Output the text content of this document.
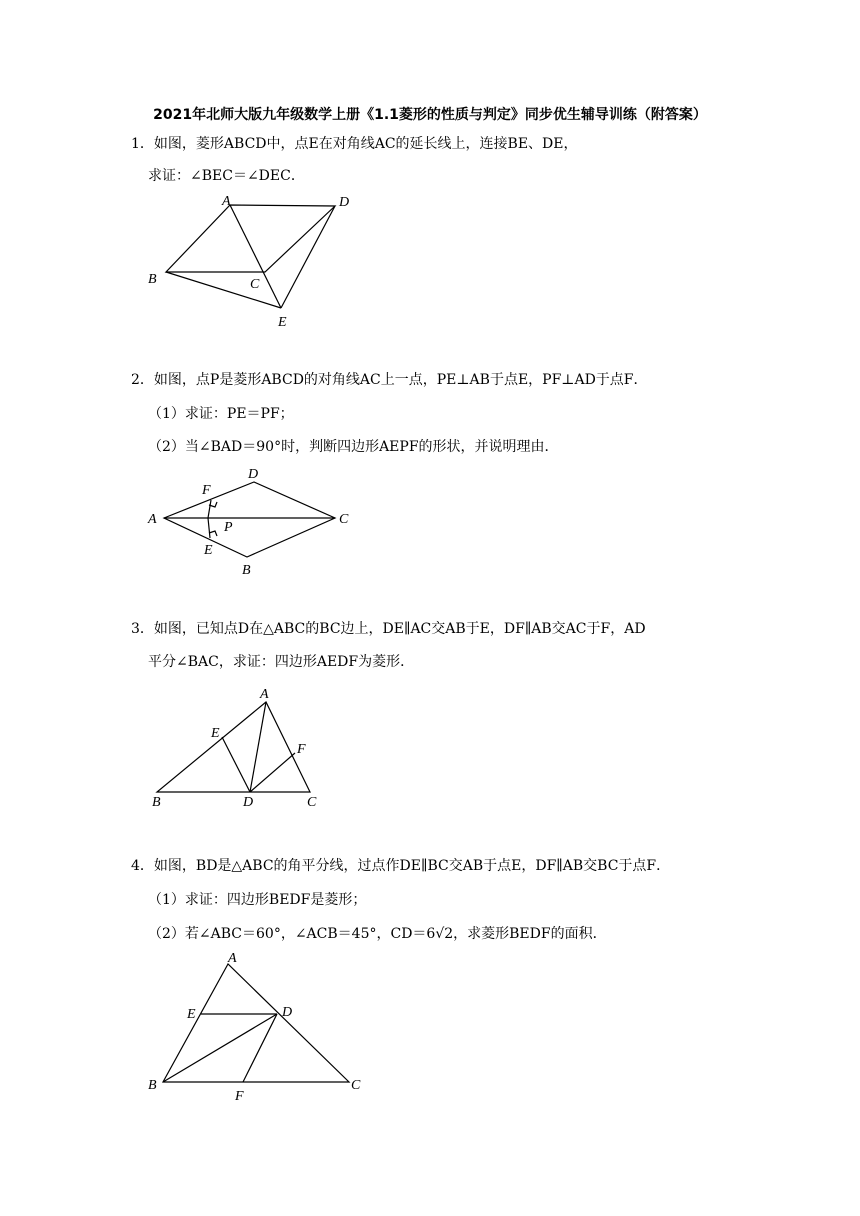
2021年北师大版九年级数学上册《1.1菱形的性质与判定》同步优生辅导训练（附答案）
1．如图，菱形ABCD中，点E在对角线AC的延长线上，连接BE、DE，
求证：∠BEC＝∠DEC．
A	D
B	C
E
2．如图，点P是菱形ABCD的对角线AC上一点，PE⊥AB于点E，PF⊥AD于点F．
（1）求证：PE＝PF；
（2）当∠BAD＝90°时，判断四边形AEPF的形状，并说明理由．
D
F
A
P
C
E
B
3．如图，已知点D在△ABC的BC边上，DE∥AC交AB于E，DF∥AB交AC于F，AD
平分∠BAC，求证：四边形AEDF为菱形．
A
E
F
B	D	C
4．如图，BD是△ABC的角平分线，过点作DE∥BC交AB于点E，DF∥AB交BC于点F．
（1）求证：四边形BEDF是菱形；
（2）若∠ABC＝60°，∠ACB＝45°，CD＝6√2，求菱形BEDF的面积．
A
E	D
B
F
C
